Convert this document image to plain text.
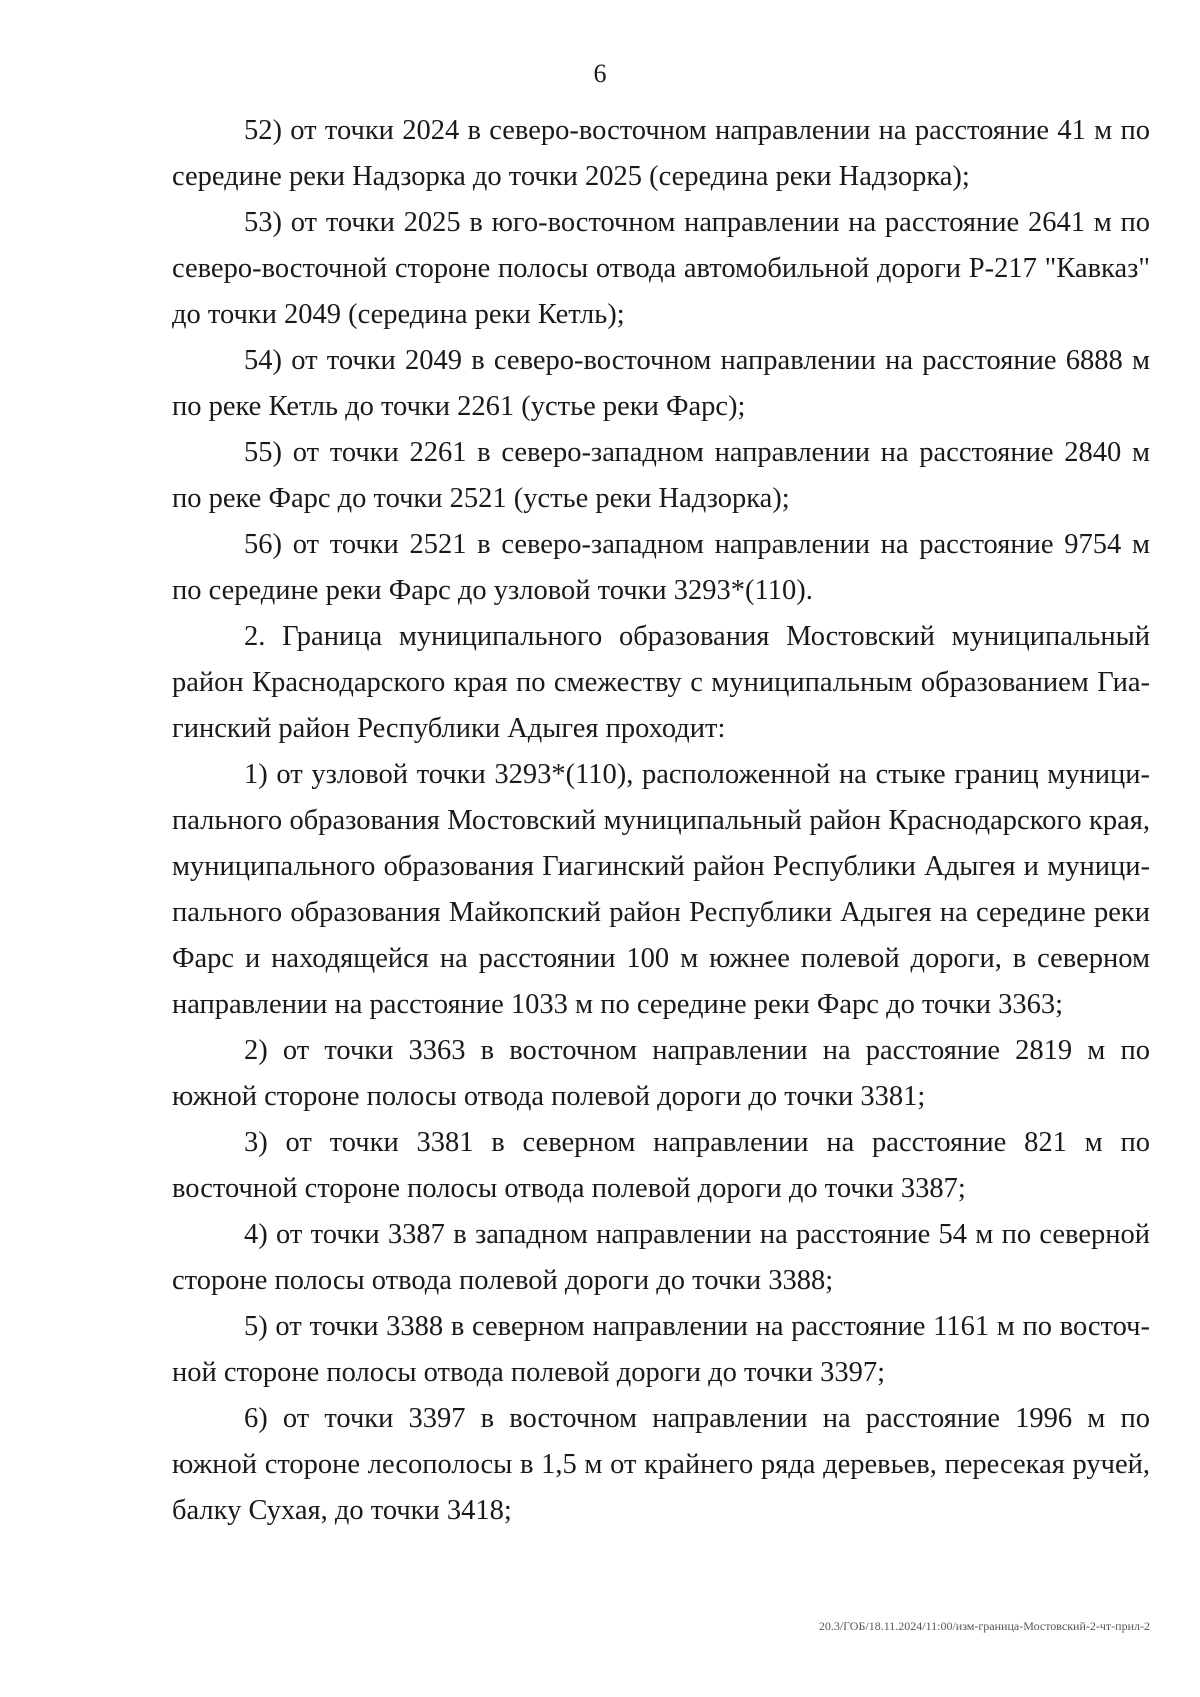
6

52) от точки 2024 в северо-восточном направлении на расстояние 41 м по середине реки Надзорка до точки 2025 (середина реки Надзорка);

53) от точки 2025 в юго-восточном направлении на расстояние 2641 м по северо-восточной стороне полосы отвода автомобильной дороги Р-217 "Кавказ" до точки 2049 (середина реки Кетль);

54) от точки 2049 в северо-восточном направлении на расстояние 6888 м по реке Кетль до точки 2261 (устье реки Фарс);

55) от точки 2261 в северо-западном направлении на расстояние 2840 м по реке Фарс до точки 2521 (устье реки Надзорка);

56) от точки 2521 в северо-западном направлении на расстояние 9754 м по середине реки Фарс до узловой точки 3293*(110).

2. Граница муниципального образования Мостовский муниципальный район Краснодарского края по смежеству с муниципальным образованием Гиагинский район Республики Адыгея проходит:

1) от узловой точки 3293*(110), расположенной на стыке границ муниципального образования Мостовский муниципальный район Краснодарского края, муниципального образования Гиагинский район Республики Адыгея и муниципального образования Майкопский район Республики Адыгея на середине реки Фарс и находящейся на расстоянии 100 м южнее полевой дороги, в северном направлении на расстояние 1033 м по середине реки Фарс до точки 3363;

2) от точки 3363 в восточном направлении на расстояние 2819 м по южной стороне полосы отвода полевой дороги до точки 3381;

3) от точки 3381 в северном направлении на расстояние 821 м по восточной стороне полосы отвода полевой дороги до точки 3387;

4) от точки 3387 в западном направлении на расстояние 54 м по северной стороне полосы отвода полевой дороги до точки 3388;

5) от точки 3388 в северном направлении на расстояние 1161 м по восточной стороне полосы отвода полевой дороги до точки 3397;

6) от точки 3397 в восточном направлении на расстояние 1996 м по южной стороне лесополосы в 1,5 м от крайнего ряда деревьев, пересекая ручей, балку Сухая, до точки 3418;

20.3/ГОБ/18.11.2024/11:00/изм-граница-Мостовский-2-чт-прил-2
